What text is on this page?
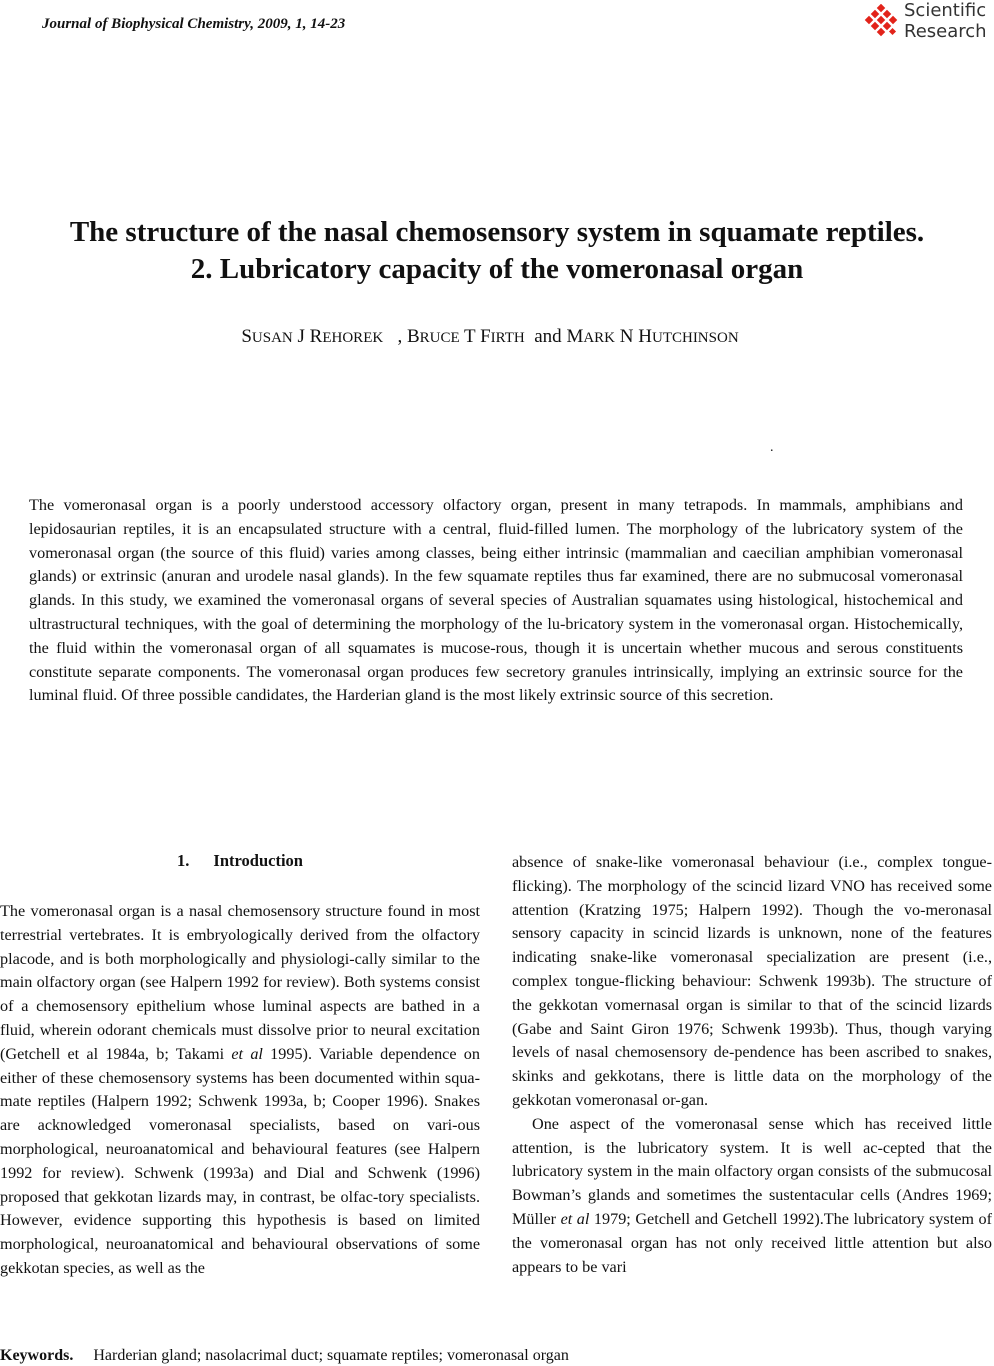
Journal of Biophysical Chemistry, 2009, 1, 14-23
Scientific
Research
The structure of the nasal chemosensory system in squamate reptiles.
2. Lubricatory capacity of the vomeronasal organ
SUSAN J REHOREK   , BRUCE T FIRTH  and MARK N HUTCHINSON
.
The vomeronasal organ is a poorly understood accessory olfactory organ, present in many tetrapods. In mammals, amphibians and lepidosaurian reptiles, it is an encapsulated structure with a central, fluid-filled lumen. The morphology of the lubricatory system of the vomeronasal organ (the source of this fluid) varies among classes, being either intrinsic (mammalian and caecilian amphibian vomeronasal glands) or extrinsic (anuran and urodele nasal glands). In the few squamate reptiles thus far examined, there are no submucosal vomeronasal glands. In this study, we examined the vomeronasal organs of several species of Australian squamates using histological, histochemical and ultrastructural techniques, with the goal of determining the morphology of the lu-bricatory system in the vomeronasal organ. Histochemically, the fluid within the vomeronasal organ of all squamates is mucose-rous, though it is uncertain whether mucous and serous constituents constitute separate components. The vomeronasal organ produces few secretory granules intrinsically, implying an extrinsic source for the luminal fluid. Of three possible candidates, the Harderian gland is the most likely extrinsic source of this secretion.
1. Introduction

The vomeronasal organ is a nasal chemosensory structure found in most terrestrial vertebrates. It is embryologically derived from the olfactory placode, and is both morphologically and physiologi-cally similar to the main olfactory organ (see Halpern 1992 for review). Both systems consist of a chemosensory epithelium whose luminal aspects are bathed in a fluid, wherein odorant chemicals must dissolve prior to neural excitation (Getchell et al 1984a, b; Takami et al 1995). Variable dependence on either of these chemosensory systems has been documented within squa-mate reptiles (Halpern 1992; Schwenk 1993a, b; Cooper 1996). Snakes are acknowledged vomeronasal specialists, based on vari-ous morphological, neuroanatomical and behavioural features (see Halpern 1992 for review). Schwenk (1993a) and Dial and Schwenk (1996) proposed that gekkotan lizards may, in contrast, be olfac-tory specialists. However, evidence supporting this hypothesis is based on limited morphological, neuroanatomical and behavioural observations of some gekkotan species, as well as the

absence of snake-like vomeronasal behaviour (i.e., complex tongue-flicking). The morphology of the scincid lizard VNO has received some attention (Kratzing 1975; Halpern 1992). Though the vo-meronasal sensory capacity in scincid lizards is unknown, none of the features indicating snake-like vomeronasal specialization are present (i.e., complex tongue-flicking behaviour: Schwenk 1993b). The structure of the gekkotan vomernasal organ is similar to that of the scincid lizards (Gabe and Saint Giron 1976; Schwenk 1993b). Thus, though varying levels of nasal chemosensory de-pendence has been ascribed to snakes, skinks and gekkotans, there is little data on the morphology of the gekkotan vomeronasal or-gan.

One aspect of the vomeronasal sense which has received little attention, is the lubricatory system. It is well ac-cepted that the lubricatory system in the main olfactory organ consists of the submucosal Bowman’s glands and sometimes the sustentacular cells (Andres 1969; Müller et al 1979; Getchell and Getchell 1992).The lubricatory system of the vomeronasal organ has not only received little attention but also appears to be vari

Keywords. Harderian gland; nasolacrimal duct; squamate reptiles; vomeronasal organ
